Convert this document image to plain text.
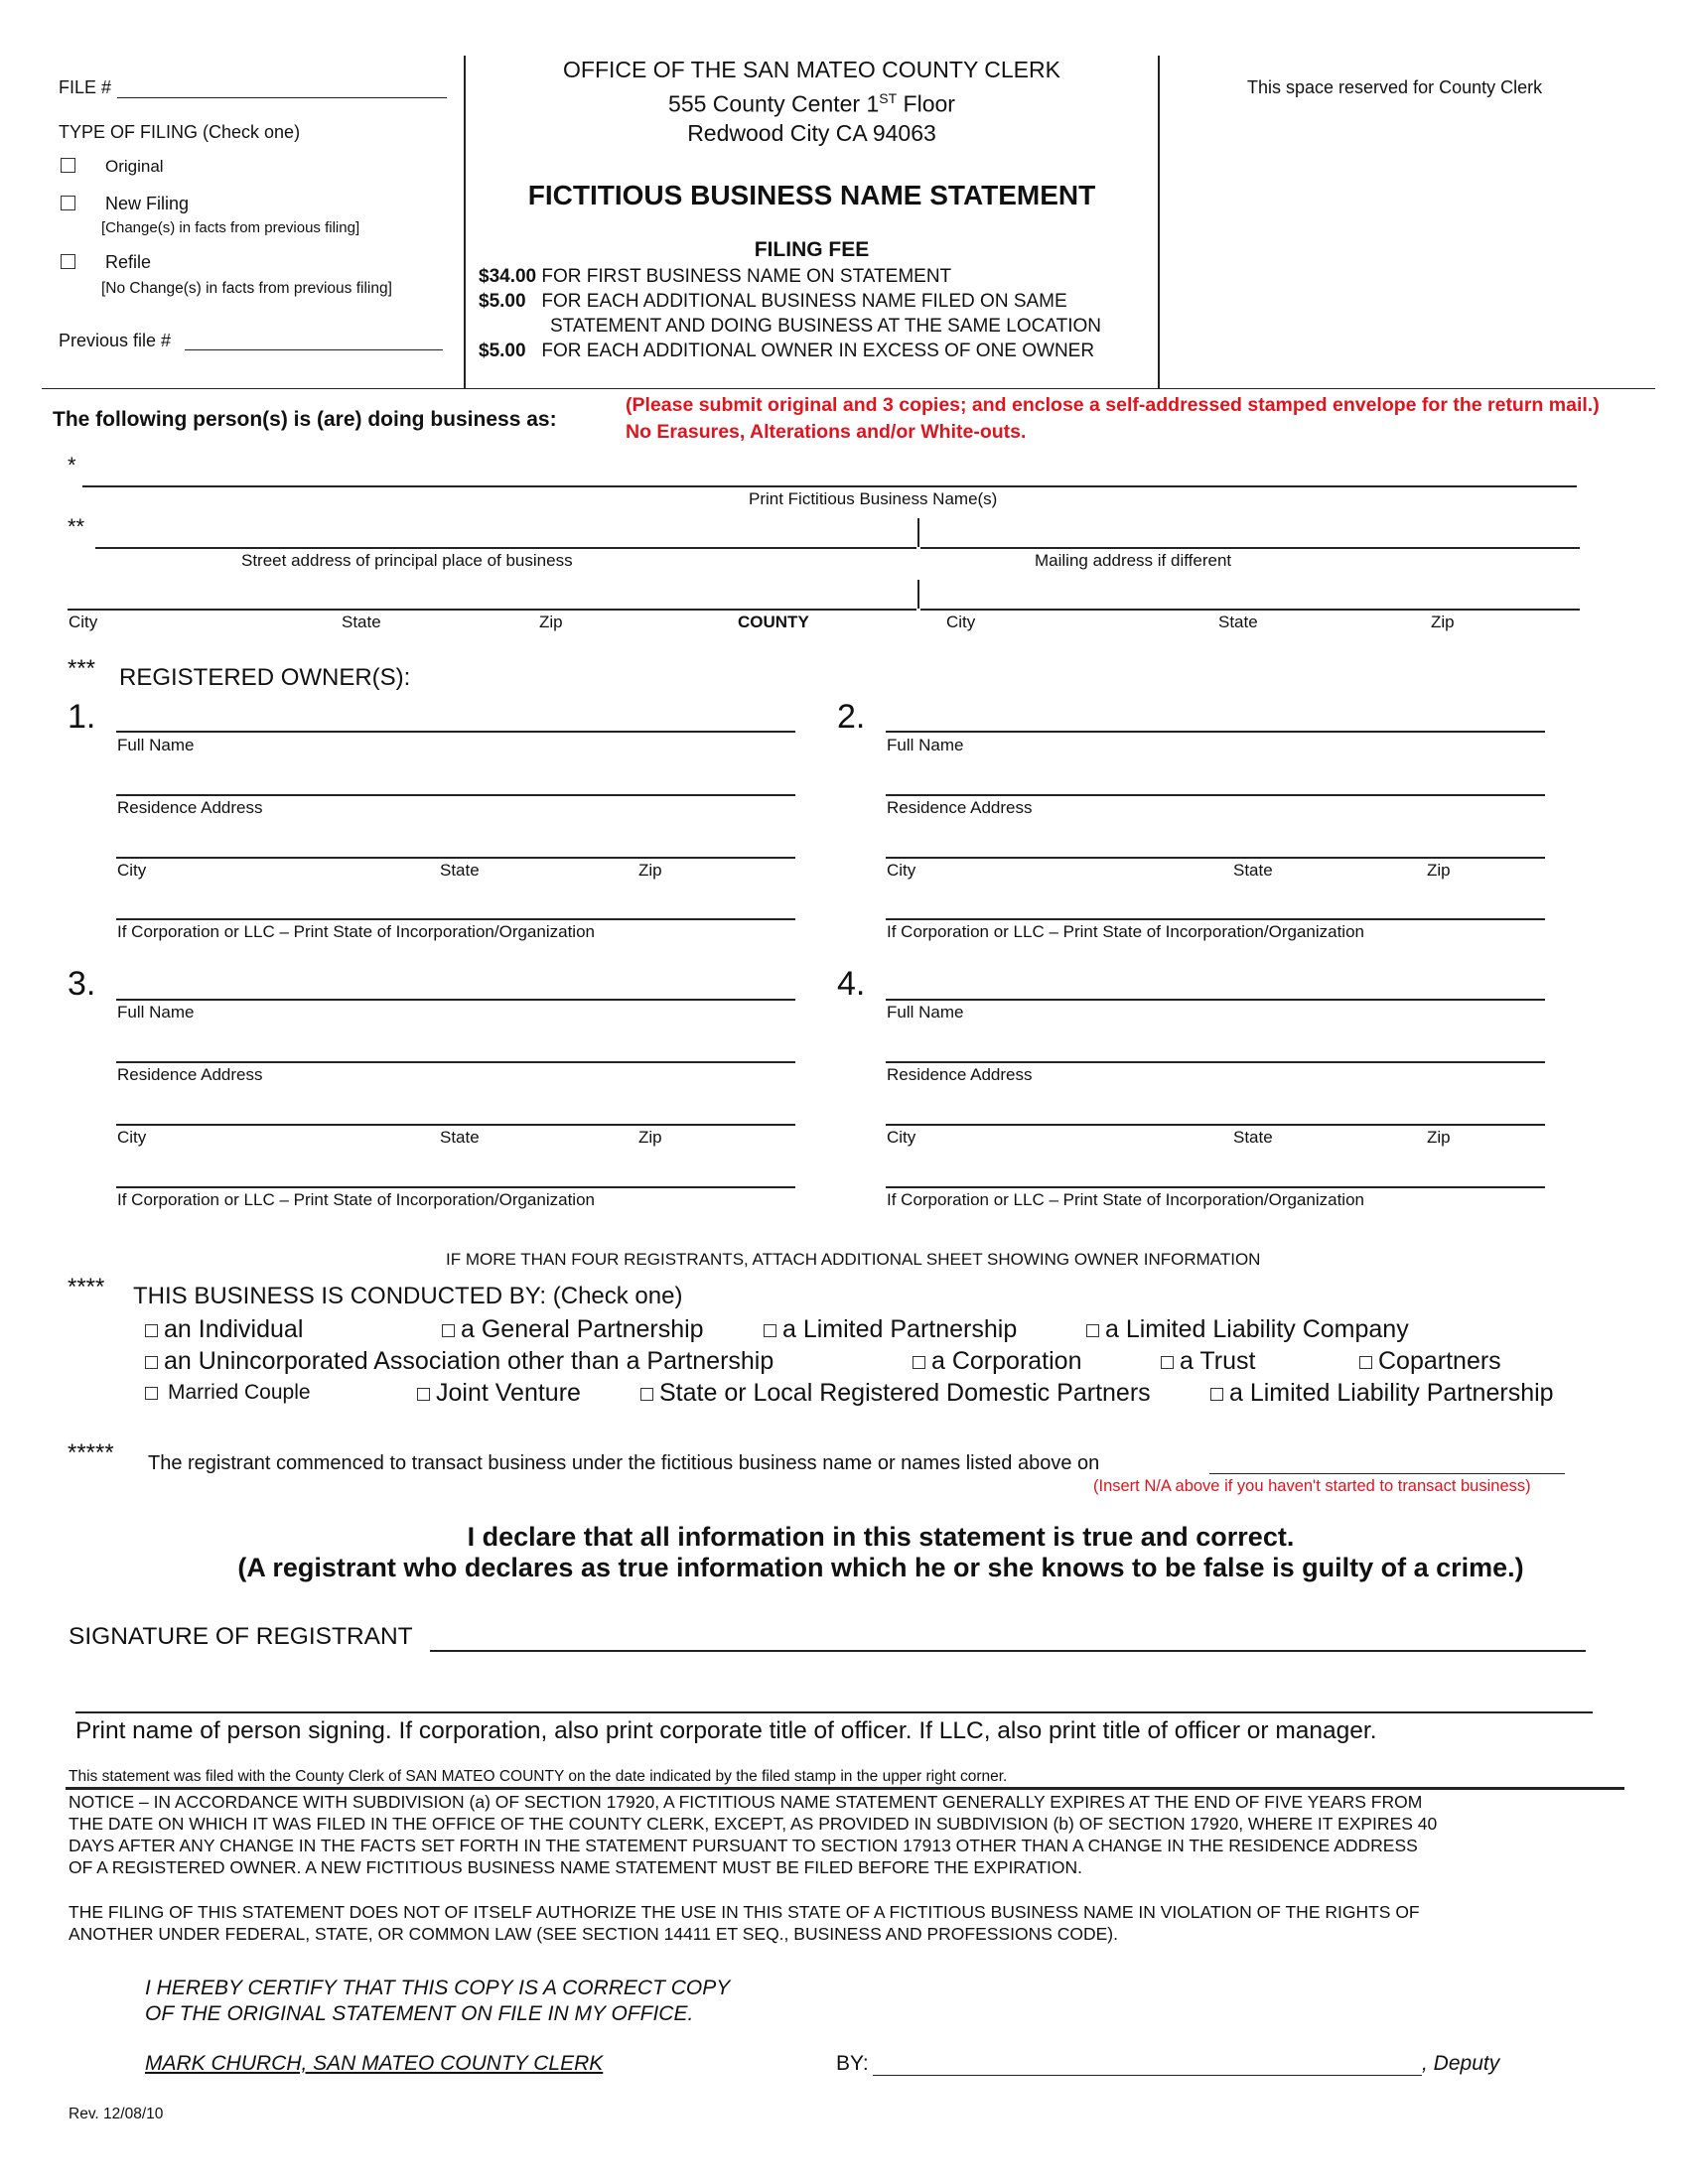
FILE #
TYPE OF FILING (Check one)
Original
New Filing
[Change(s) in facts from previous filing]
Refile
[No Change(s) in facts from previous filing]
Previous file #
OFFICE OF THE SAN MATEO COUNTY CLERK
555 County Center 1ST Floor
Redwood City CA 94063
FICTITIOUS BUSINESS NAME STATEMENT
FILING FEE
$34.00 FOR FIRST BUSINESS NAME ON STATEMENT
$5.00 FOR EACH ADDITIONAL BUSINESS NAME FILED ON SAME
STATEMENT AND DOING BUSINESS AT THE SAME LOCATION
$5.00 FOR EACH ADDITIONAL OWNER IN EXCESS OF ONE OWNER
This space reserved for County Clerk
The following person(s) is (are) doing business as:
(Please submit original and 3 copies; and enclose a self-addressed stamped envelope for the return mail.)
No Erasures, Alterations and/or White-outs.
*
Print Fictitious Business Name(s)
**
Street address of principal place of business	Mailing address if different
City	State	Zip	COUNTY	City	State	Zip
*** REGISTERED OWNER(S):
1.
Full Name
Residence Address
City	State	Zip
If Corporation or LLC – Print State of Incorporation/Organization
2.
Full Name
Residence Address
City	State	Zip
If Corporation or LLC – Print State of Incorporation/Organization
3.
Full Name
Residence Address
City	State	Zip
If Corporation or LLC – Print State of Incorporation/Organization
4.
Full Name
Residence Address
City	State	Zip
If Corporation or LLC – Print State of Incorporation/Organization
IF MORE THAN FOUR REGISTRANTS, ATTACH ADDITIONAL SHEET SHOWING OWNER INFORMATION
**** THIS BUSINESS IS CONDUCTED BY: (Check one)
an Individual	a General Partnership	a Limited Partnership	a Limited Liability Company
an Unincorporated Association other than a Partnership	a Corporation	a Trust	Copartners
Married Couple	Joint Venture	State or Local Registered Domestic Partners	a Limited Liability Partnership
***** The registrant commenced to transact business under the fictitious business name or names listed above on
(Insert N/A above if you haven't started to transact business)
I declare that all information in this statement is true and correct.
(A registrant who declares as true information which he or she knows to be false is guilty of a crime.)
SIGNATURE OF REGISTRANT
Print name of person signing. If corporation, also print corporate title of officer. If LLC, also print title of officer or manager.
This statement was filed with the County Clerk of SAN MATEO COUNTY on the date indicated by the filed stamp in the upper right corner.
NOTICE – IN ACCORDANCE WITH SUBDIVISION (a) OF SECTION 17920, A FICTITIOUS NAME STATEMENT GENERALLY EXPIRES AT THE END OF FIVE YEARS FROM
THE DATE ON WHICH IT WAS FILED IN THE OFFICE OF THE COUNTY CLERK, EXCEPT, AS PROVIDED IN SUBDIVISION (b) OF SECTION 17920, WHERE IT EXPIRES 40
DAYS AFTER ANY CHANGE IN THE FACTS SET FORTH IN THE STATEMENT PURSUANT TO SECTION 17913 OTHER THAN A CHANGE IN THE RESIDENCE ADDRESS
OF A REGISTERED OWNER. A NEW FICTITIOUS BUSINESS NAME STATEMENT MUST BE FILED BEFORE THE EXPIRATION.
THE FILING OF THIS STATEMENT DOES NOT OF ITSELF AUTHORIZE THE USE IN THIS STATE OF A FICTITIOUS BUSINESS NAME IN VIOLATION OF THE RIGHTS OF
ANOTHER UNDER FEDERAL, STATE, OR COMMON LAW (SEE SECTION 14411 ET SEQ., BUSINESS AND PROFESSIONS CODE).
I HEREBY CERTIFY THAT THIS COPY IS A CORRECT COPY
OF THE ORIGINAL STATEMENT ON FILE IN MY OFFICE.
MARK CHURCH, SAN MATEO COUNTY CLERK	BY:	, Deputy
Rev. 12/08/10
